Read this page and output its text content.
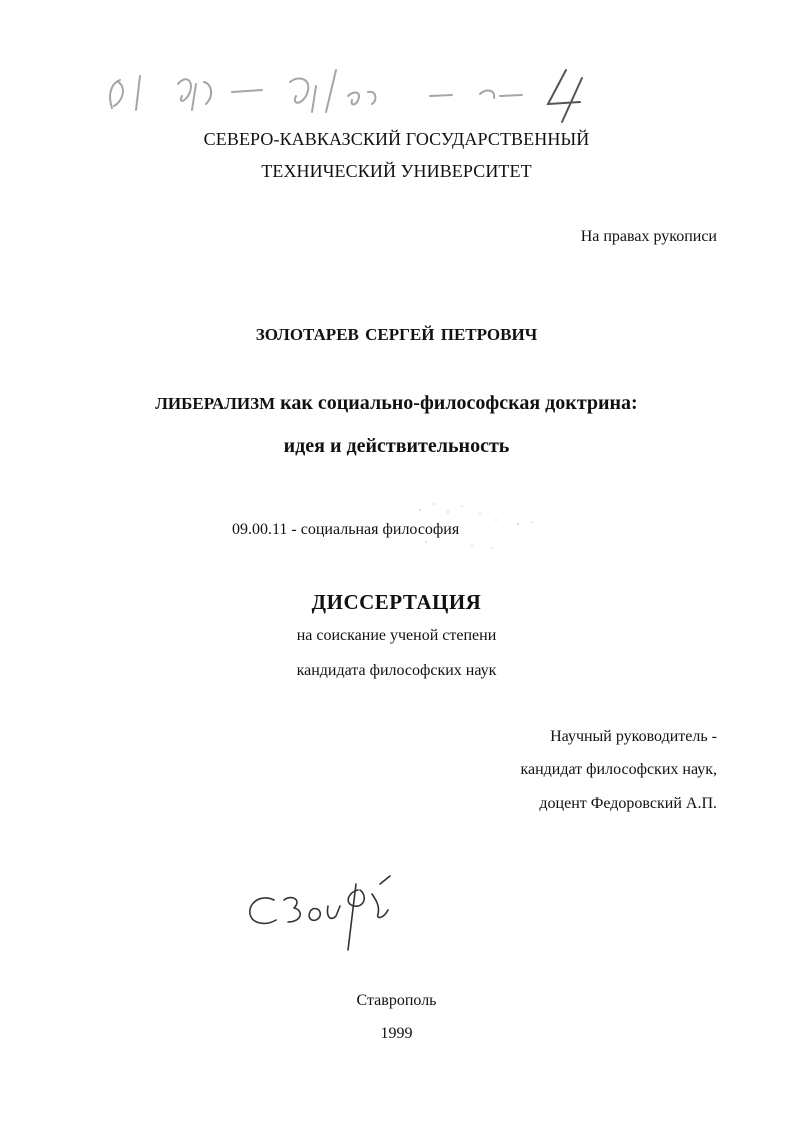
СЕВЕРО-КАВКАЗСКИЙ ГОСУДАРСТВЕННЫЙ
ТЕХНИЧЕСКИЙ УНИВЕРСИТЕТ
На правах рукописи
ЗОЛОТАРЕВ СЕРГЕЙ ПЕТРОВИЧ
ЛИБЕРАЛИЗМ как социально-философская доктрина:
идея и действительность
09.00.11 - социальная философия
ДИССЕРТАЦИЯ
на соискание ученой степени
кандидата философских наук
Научный руководитель -
кандидат философских наук,
доцент Федоровский А.П.
Ставрополь
1999
